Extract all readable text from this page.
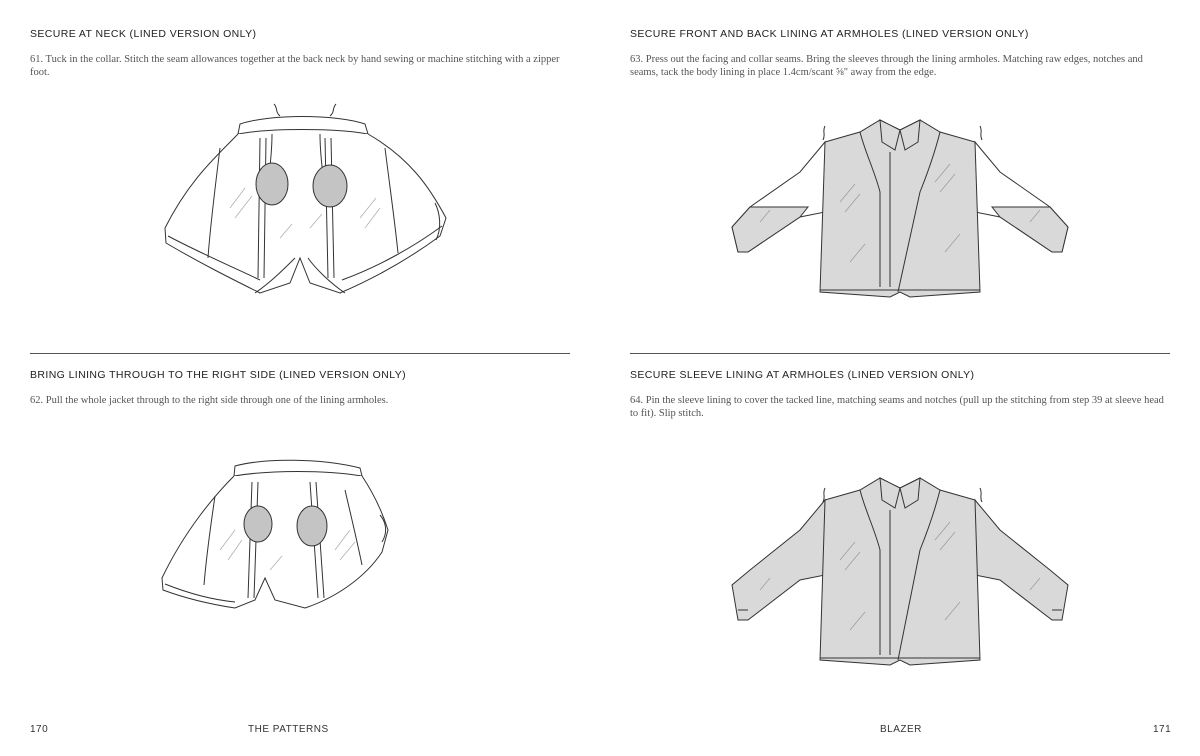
SECURE AT NECK (LINED VERSION ONLY)
61. Tuck in the collar. Stitch the seam allowances together at the back neck by hand sewing or machine stitching with a zipper foot.
BRING LINING THROUGH TO THE RIGHT SIDE (LINED VERSION ONLY)
62. Pull the whole jacket through to the right side through one of the lining armholes.
170	THE PATTERNS
SECURE FRONT AND BACK LINING AT ARMHOLES (LINED VERSION ONLY)
63. Press out the facing and collar seams. Bring the sleeves through the lining armholes. Matching raw edges, notches and seams, tack the body lining in place 1.4cm/scant ⅝" away from the edge.
SECURE SLEEVE LINING AT ARMHOLES (LINED VERSION ONLY)
64. Pin the sleeve lining to cover the tacked line, matching seams and notches (pull up the stitching from step 39 at sleeve head to fit). Slip stitch.
BLAZER	171
